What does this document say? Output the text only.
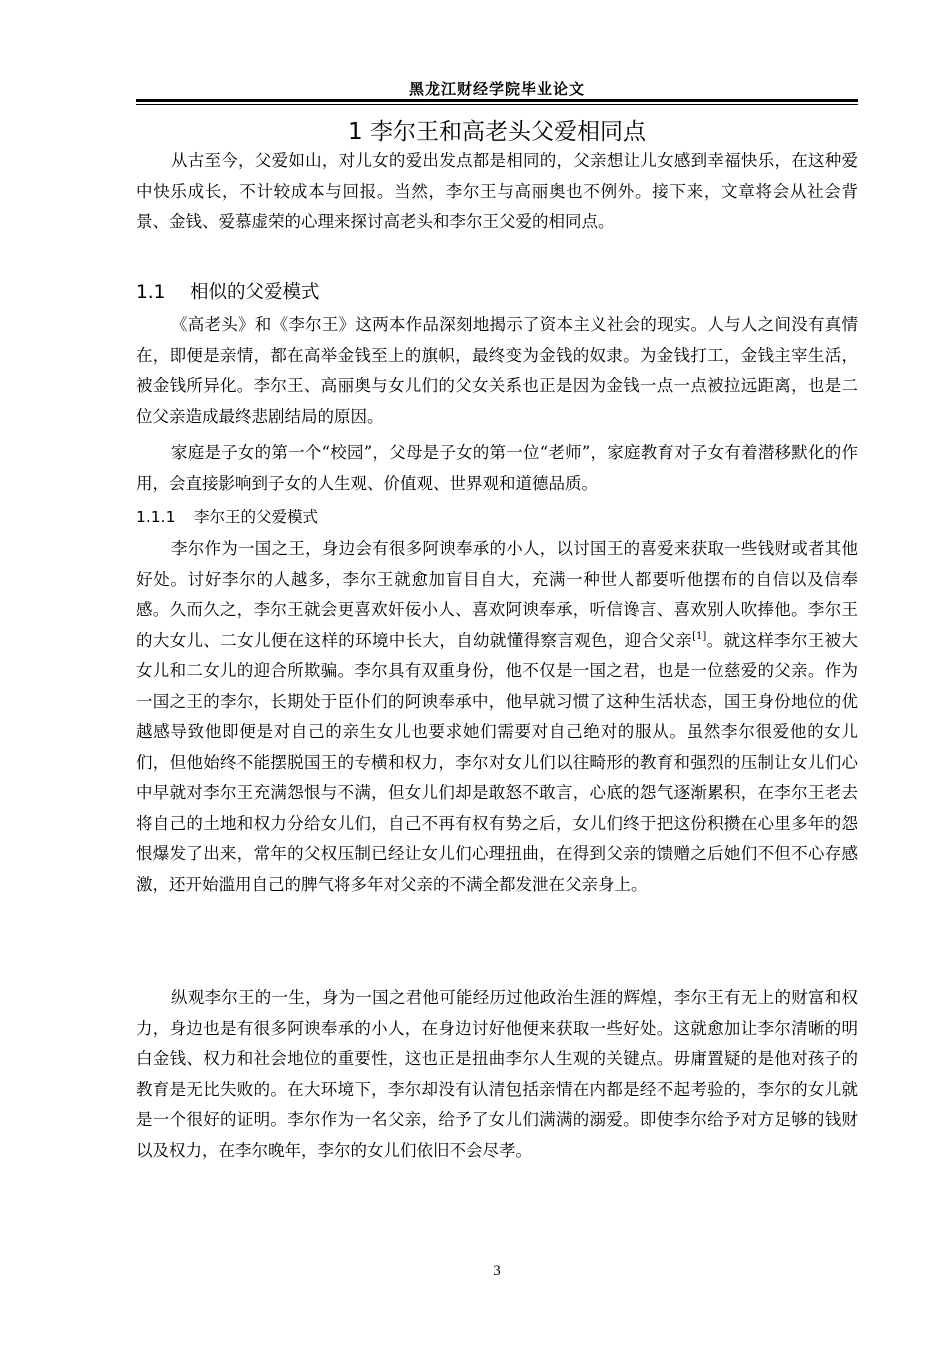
黑龙江财经学院毕业论文
1 李尔王和高老头父爱相同点

从古至今，父爱如山，对儿女的爱出发点都是相同的，父亲想让儿女感到幸福快乐，在这种爱中快乐成长，不计较成本与回报。当然，李尔王与高丽奥也不例外。接下来，文章将会从社会背景、金钱、爱慕虚荣的心理来探讨高老头和李尔王父爱的相同点。

1.1 相似的父爱模式

《高老头》和《李尔王》这两本作品深刻地揭示了资本主义社会的现实。人与人之间没有真情在，即便是亲情，都在高举金钱至上的旗帜，最终变为金钱的奴隶。为金钱打工，金钱主宰生活，被金钱所异化。李尔王、高丽奥与女儿们的父女关系也正是因为金钱一点一点被拉远距离，也是二位父亲造成最终悲剧结局的原因。

家庭是子女的第一个“校园”，父母是子女的第一位“老师”，家庭教育对子女有着潜移默化的作用，会直接影响到子女的人生观、价值观、世界观和道德品质。

1.1.1 李尔王的父爱模式

李尔作为一国之王，身边会有很多阿谀奉承的小人，以讨国王的喜爱来获取一些钱财或者其他好处。讨好李尔的人越多，李尔王就愈加盲目自大，充满一种世人都要听他摆布的自信以及信奉感。久而久之，李尔王就会更喜欢奸佞小人、喜欢阿谀奉承，听信谗言、喜欢别人吹捧他。李尔王的大女儿、二女儿便在这样的环境中长大，自幼就懂得察言观色，迎合父亲[1]。就这样李尔王被大女儿和二女儿的迎合所欺骗。李尔具有双重身份，他不仅是一国之君，也是一位慈爱的父亲。作为一国之王的李尔，长期处于臣仆们的阿谀奉承中，他早就习惯了这种生活状态，国王身份地位的优越感导致他即便是对自己的亲生女儿也要求她们需要对自己绝对的服从。虽然李尔很爱他的女儿们，但他始终不能摆脱国王的专横和权力，李尔对女儿们以往畸形的教育和强烈的压制让女儿们心中早就对李尔王充满怨恨与不满，但女儿们却是敢怒不敢言，心底的怨气逐渐累积，在李尔王老去将自己的土地和权力分给女儿们，自己不再有权有势之后，女儿们终于把这份积攒在心里多年的怨恨爆发了出来，常年的父权压制已经让女儿们心理扭曲，在得到父亲的馈赠之后她们不但不心存感激，还开始滥用自己的脾气将多年对父亲的不满全都发泄在父亲身上。

纵观李尔王的一生，身为一国之君他可能经历过他政治生涯的辉煌，李尔王有无上的财富和权力，身边也是有很多阿谀奉承的小人，在身边讨好他便来获取一些好处。这就愈加让李尔清晰的明白金钱、权力和社会地位的重要性，这也正是扭曲李尔人生观的关键点。毋庸置疑的是他对孩子的教育是无比失败的。在大环境下，李尔却没有认清包括亲情在内都是经不起考验的，李尔的女儿就是一个很好的证明。李尔作为一名父亲，给予了女儿们满满的溺爱。即使李尔给予对方足够的钱财以及权力，在李尔晚年，李尔的女儿们依旧不会尽孝。

3
